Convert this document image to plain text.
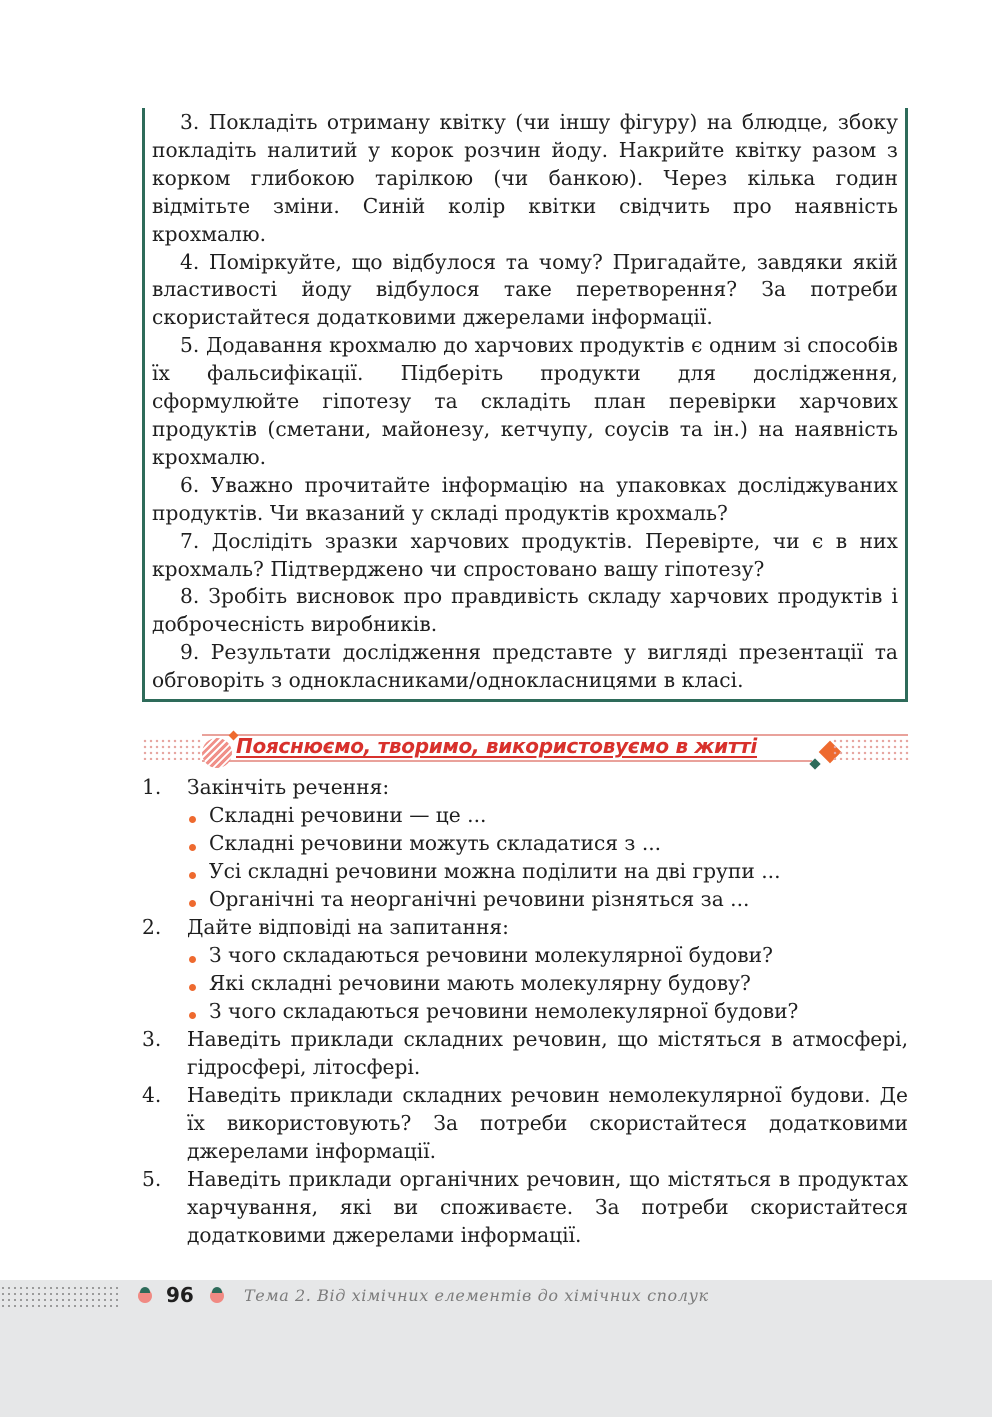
3. Покладіть отриману квітку (чи іншу фігуру) на блюдце, збоку покладіть налитий у корок розчин йоду. Накрийте квітку разом з корком глибокою тарілкою (чи банкою). Через кілька годин відмітьте зміни. Синій колір квітки свідчить про наявність крохмалю.

4. Поміркуйте, що відбулося та чому? Пригадайте, завдяки якій властивості йоду відбулося таке перетворення? За потреби скористайтеся додатковими джерелами інформації.

5. Додавання крохмалю до харчових продуктів є одним зі способів їх фальсифікації. Підберіть продукти для дослідження, сформулюйте гіпотезу та складіть план перевірки харчових продуктів (сметани, майонезу, кетчупу, соусів та ін.) на наявність крохмалю.

6. Уважно прочитайте інформацію на упаковках досліджуваних продуктів. Чи вказаний у складі продуктів крохмаль?

7. Дослідіть зразки харчових продуктів. Перевірте, чи є в них крохмаль? Підтверджено чи спростовано вашу гіпотезу?

8. Зробіть висновок про правдивість складу харчових продуктів і доброчесність виробників.

9. Результати дослідження представте у вигляді презентації та обговоріть з однокласниками/однокласницями в класі.

Пояснюємо, творимо, використовуємо в житті
1. Закінчіть речення:
Складні речовини — це ...
Складні речовини можуть складатися з ...
Усі складні речовини можна поділити на дві групи ...
Органічні та неорганічні речовини різняться за ...
2. Дайте відповіді на запитання:
З чого складаються речовини молекулярної будови?
Які складні речовини мають молекулярну будову?
З чого складаються речовини немолекулярної будови?
3. Наведіть приклади складних речовин, що містяться в атмосфері, гідросфері, літосфері.
4. Наведіть приклади складних речовин немолекулярної будови. Де їх використовують? За потреби скористайтеся додатковими джерелами інформації.
5. Наведіть приклади органічних речовин, що містяться в продуктах харчування, які ви споживаєте. За потреби скористайтеся додатковими джерелами інформації.
96	Тема 2. Від хімічних елементів до хімічних сполук
